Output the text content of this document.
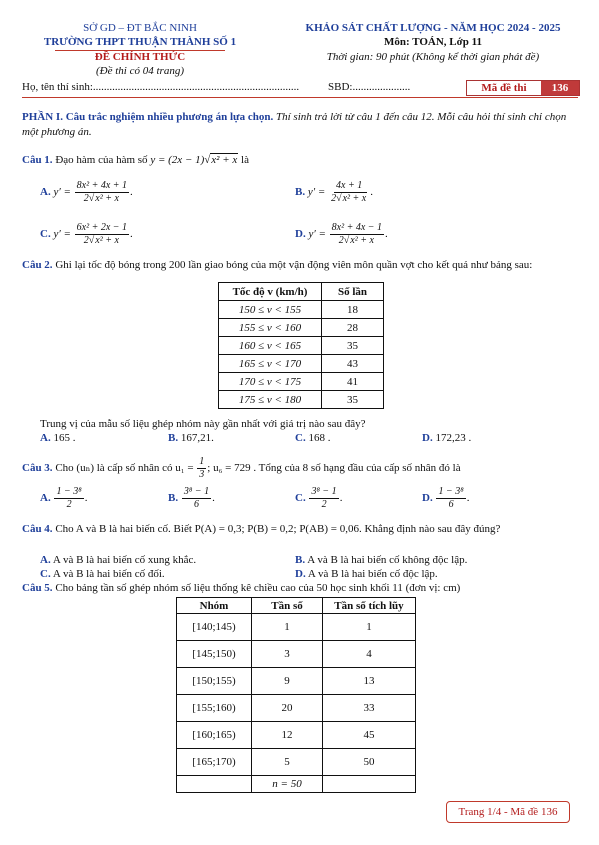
SỞ GD – ĐT BẮC NINH
TRƯỜNG THPT THUẬN THÀNH SỐ 1
ĐỀ CHÍNH THỨC
(Đề thi có 04 trang)
KHẢO SÁT CHẤT LƯỢNG - NĂM HỌC 2024 - 2025
Môn: TOÁN, Lớp 11
Thời gian: 90 phút (Không kể thời gian phát đề)
Họ, tên thí sinh:...........................................................................	SBD:.....................	Mã đề thi	136
PHẦN I. Câu trắc nghiệm nhiều phương án lựa chọn. Thí sinh trả lời từ câu 1 đến câu 12. Mỗi câu hỏi thí sinh chỉ chọn một phương án.
Câu 1. Đạo hàm của hàm số y = (2x − 1)√x² + x là
A. $y' = \frac{\text{8x² + 4x + 1}}{\text{2√x² + x}}$ .	B. $y' = \frac{4x + 1}{\text{2√x² + x}}$ .
C. $y' = \frac{\text{6x² + 2x − 1}}{\text{2√x² + x}}$ .	D. $y' = \frac{\text{8x² + 4x − 1}}{\text{2√x² + x}}$ .
Câu 2. Ghi lại tốc độ bóng trong 200 lần giao bóng của một vận động viên môn quần vợt cho kết quả như bảng sau:
Tốc độ v (km/h)	Số lần
150 ≤ v < 155	18
155 ≤ v < 160	28
160 ≤ v < 165	35
165 ≤ v < 170	43
170 ≤ v < 175	41
175 ≤ v < 180	35
Trung vị của mẫu số liệu ghép nhóm này gần nhất với giá trị nào sau đây?
A. 165 .	B. 167,21.	C. 168 .	D. 172,23 .
Câu 3. Cho (uₙ) là cấp số nhân có $u_1 = \frac{1}{3}$ ; u₆ = 729 . Tổng của 8 số hạng đầu của cấp số nhân đó là
A. $\frac{\text{1 − 3⁸}}{2}$ .	B. $\frac{\text{3⁸ − 1}}{6}$ .	C. $\frac{\text{3⁸ − 1}}{2}$ .	D. $\frac{\text{1 − 3⁸}}{6}$ .
Câu 4. Cho A và B là hai biến cố. Biết P(A) = 0,3; P(B) = 0,2; P(AB) = 0,06. Khẳng định nào sau đây đúng?
A. A và B là hai biến cố xung khắc.	B. A và B là hai biến cố không độc lập.
C. A và B là hai biến cố đối.	D. A và B là hai biến cố độc lập.
Câu 5. Cho bảng tần số ghép nhóm số liệu thống kê chiều cao của 50 học sinh khối 11 (đơn vị: cm)
Nhóm	Tần số	Tần số tích lũy
[140;145)	1	1
[145;150)	3	4
[150;155)	9	13
[155;160)	20	33
[160;165)	12	45
[165;170)	5	50
	n = 50	
Trang 1/4 - Mã đề 136
